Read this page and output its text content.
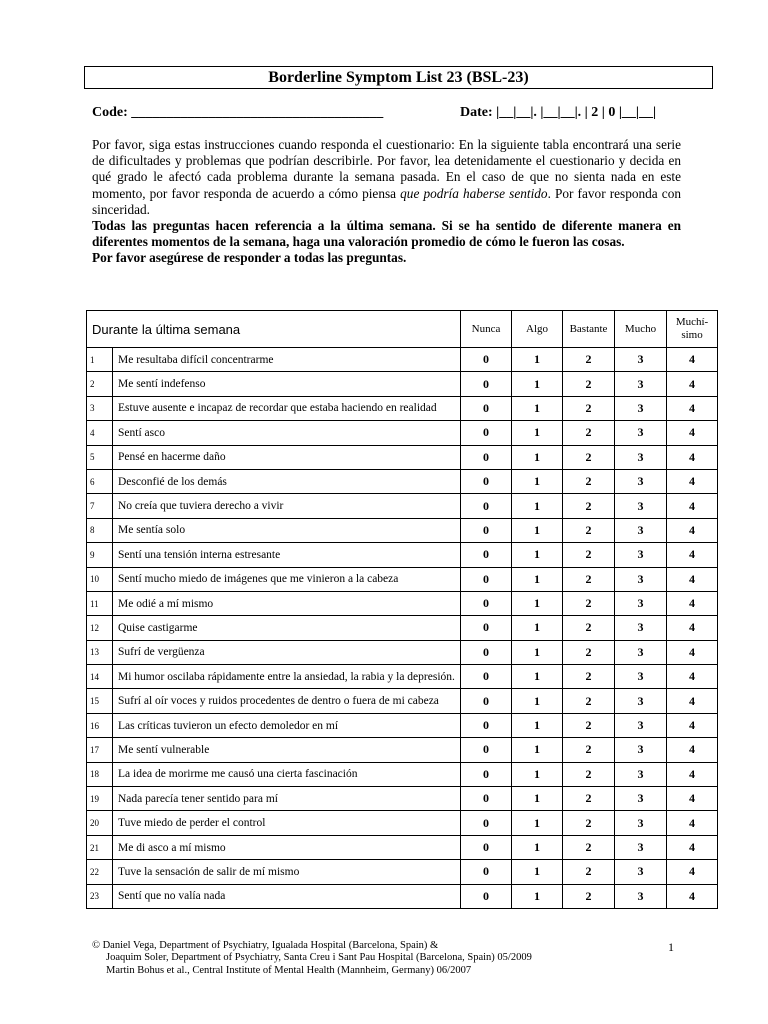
Borderline Symptom List 23 (BSL-23)
Code: ____________________________________	Date: |__|__|. |__|__|. | 2 | 0 |__|__|

Por favor, siga estas instrucciones cuando responda el cuestionario: En la siguiente tabla encontrará una serie de dificultades y problemas que podrían describirle. Por favor, lea detenidamente el cuestionario y decida en qué grado le afectó cada problema durante la semana pasada. En el caso de que no sienta nada en este momento, por favor responda de acuerdo a cómo piensa que podría haberse sentido. Por favor responda con sinceridad.

Todas las preguntas hacen referencia a la última semana. Si se ha sentido de diferente manera en diferentes momentos de la semana, haga una valoración promedio de cómo le fueron las cosas.

Por favor asegúrese de responder a todas las preguntas.

Durante la última semana		Nunca	Algo	Bastante	Mucho	Muchí-simo
1	Me resultaba difícil concentrarme	0	1	2	3	4
2	Me sentí indefenso	0	1	2	3	4
3	Estuve ausente e incapaz de recordar que estaba haciendo en realidad	0	1	2	3	4
4	Sentí asco	0	1	2	3	4
5	Pensé en hacerme daño	0	1	2	3	4
6	Desconfié de los demás	0	1	2	3	4
7	No creía que tuviera derecho a vivir	0	1	2	3	4
8	Me sentía solo	0	1	2	3	4
9	Sentí una tensión interna estresante	0	1	2	3	4
10	Sentí mucho miedo de imágenes que me vinieron a la cabeza	0	1	2	3	4
11	Me odié a mí mismo	0	1	2	3	4
12	Quise castigarme	0	1	2	3	4
13	Sufrí de vergüenza	0	1	2	3	4
14	Mi humor oscilaba rápidamente entre la ansiedad, la rabia y la depresión.	0	1	2	3	4
15	Sufrí al oír voces y ruidos procedentes de dentro o fuera de mi cabeza	0	1	2	3	4
16	Las críticas tuvieron un efecto demoledor en mí	0	1	2	3	4
17	Me sentí vulnerable	0	1	2	3	4
18	La idea de morirme me causó una cierta fascinación	0	1	2	3	4
19	Nada parecía tener sentido para mí	0	1	2	3	4
20	Tuve miedo de perder el control	0	1	2	3	4
21	Me di asco a mí mismo	0	1	2	3	4
22	Tuve la sensación de salir de mí mismo	0	1	2	3	4
23	Sentí que no valía nada	0	1	2	3	4
© Daniel Vega, Department of Psychiatry, Igualada Hospital (Barcelona, Spain) &
Joaquim Soler, Department of Psychiatry, Santa Creu i Sant Pau Hospital (Barcelona, Spain) 05/2009
Martin Bohus et al., Central Institute of Mental Health (Mannheim, Germany) 06/2007
1
